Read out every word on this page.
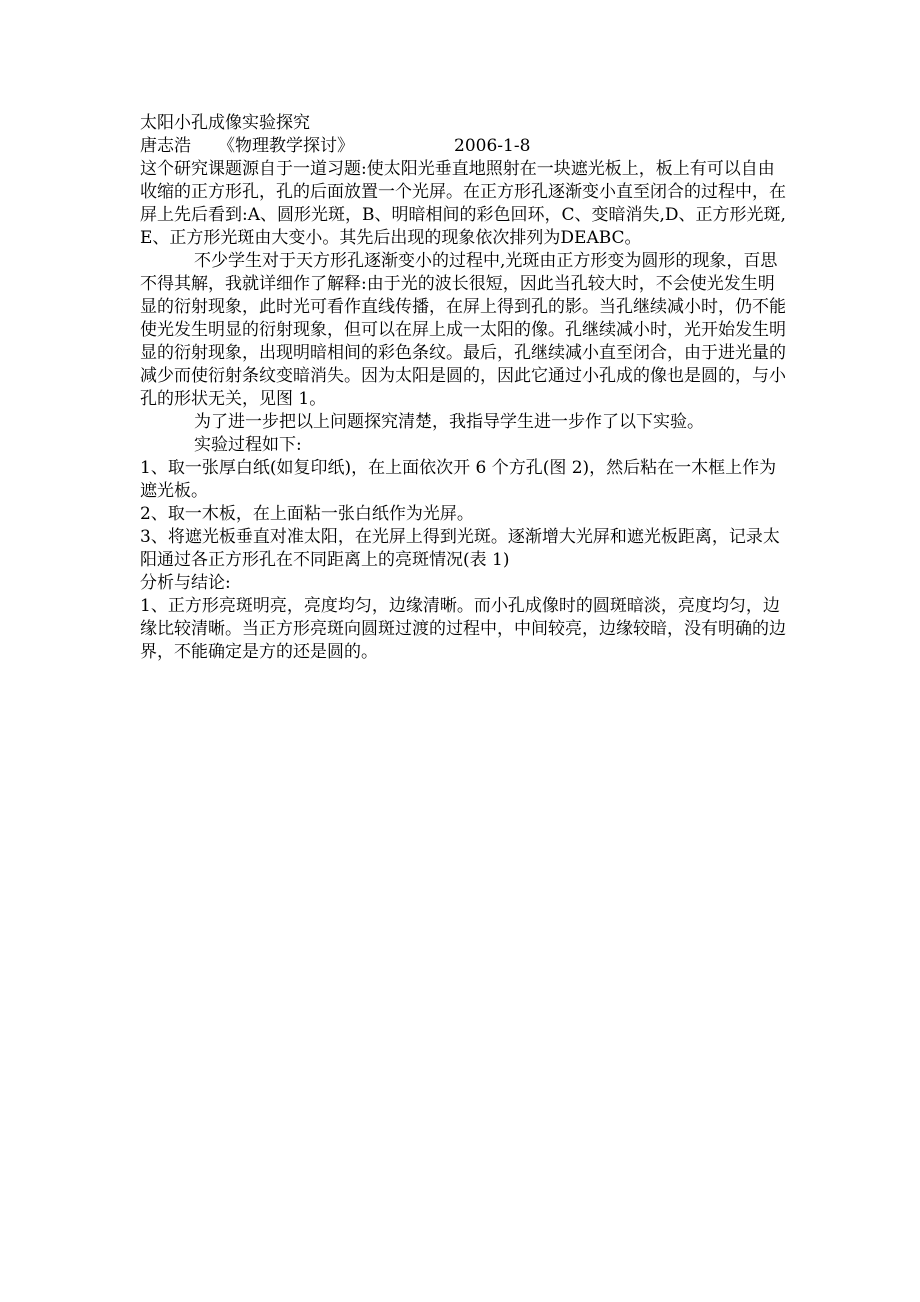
太阳小孔成像实验探究

唐志浩 《物理教学探讨》	2006-1-8

这个研究课题源自于一道习题:使太阳光垂直地照射在一块遮光板上，板上有可以自由收缩的正方形孔，孔的后面放置一个光屏。在正方形孔逐渐变小直至闭合的过程中，在屏上先后看到:A、圆形光斑，B、明暗相间的彩色回环，C、变暗消失,D、正方形光斑,E、正方形光斑由大变小。其先后出现的现象依次排列为DEABC。

不少学生对于天方形孔逐渐变小的过程中,光斑由正方形变为圆形的现象，百思不得其解，我就详细作了解释:由于光的波长很短，因此当孔较大时，不会使光发生明显的衍射现象，此时光可看作直线传播，在屏上得到孔的影。当孔继续减小时，仍不能使光发生明显的衍射现象，但可以在屏上成一太阳的像。孔继续减小时，光开始发生明显的衍射现象，出现明暗相间的彩色条纹。最后，孔继续减小直至闭合，由于进光量的减少而使衍射条纹变暗消失。因为太阳是圆的，因此它通过小孔成的像也是圆的，与小孔的形状无关，见图 1。

为了进一步把以上问题探究清楚，我指导学生进一步作了以下实验。

实验过程如下:

1、取一张厚白纸(如复印纸)，在上面依次开 6 个方孔(图 2)，然后粘在一木框上作为遮光板。

2、取一木板，在上面粘一张白纸作为光屏。

3、将遮光板垂直对准太阳，在光屏上得到光斑。逐渐增大光屏和遮光板距离，记录太阳通过各正方形孔在不同距离上的亮斑情况(表 1)

分析与结论:

1、正方形亮斑明亮，亮度均匀，边缘清晰。而小孔成像时的圆斑暗淡，亮度均匀，边缘比较清晰。当正方形亮斑向圆斑过渡的过程中，中间较亮，边缘较暗，没有明确的边界，不能确定是方的还是圆的。
